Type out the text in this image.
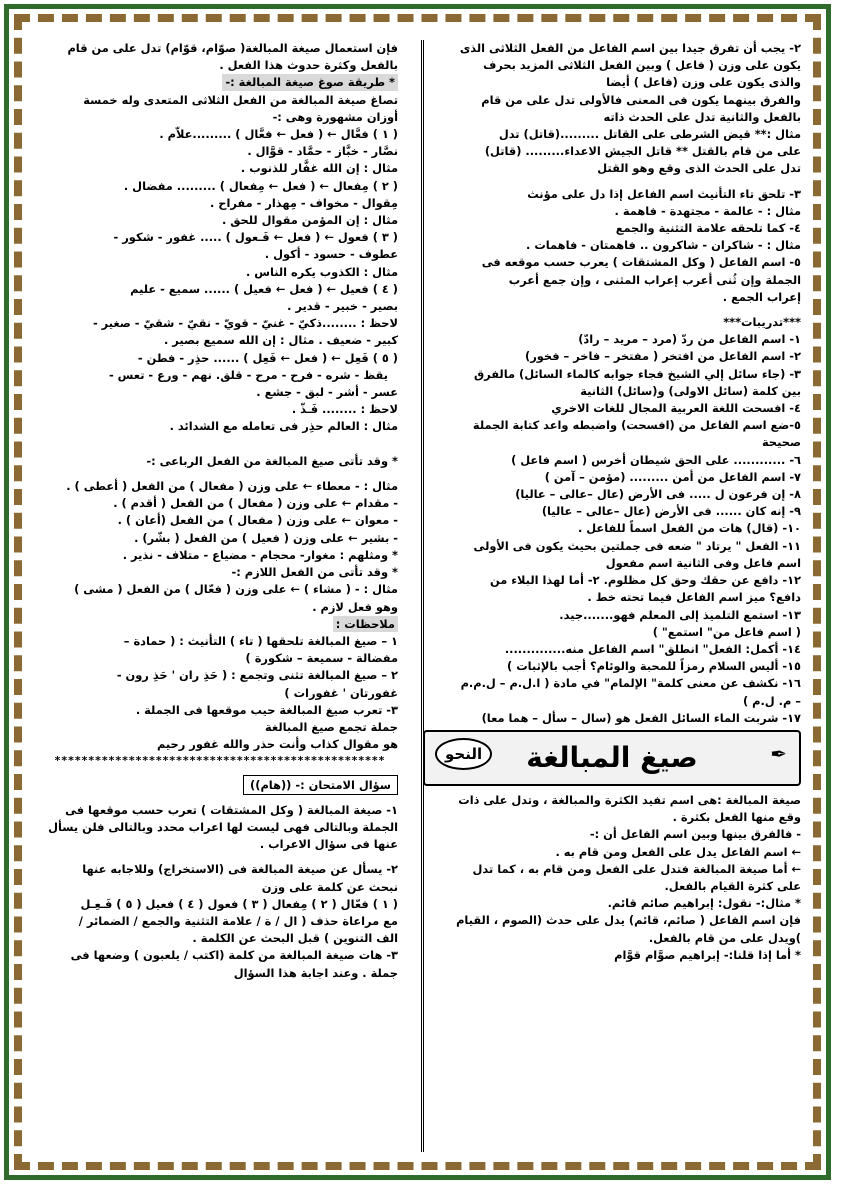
٢- يجب أن تفرق جيدا بين اسم الفاعل من الفعل الثلاثى الذى

يكون على وزن ( فاعل ) وبين الفعل الثلاثى المزيد بحرف

والذى يكون على وزن (فاعل ) أيضا

والفرق بينهما يكون فى المعنى فالأولى تدل على من قام

بالفعل والثانية تدل على الحدث ذاته

مثال :** قيض الشرطى على القاتل .........(قاتل) تدل

على من قام بالقتل ** قاتل الجيش الاعداء......... (قاتل)

تدل على الحدث الذى وقع وهو القتل

٣- تلحق تاء التأنيث اسم الفاعل إذا دل على مؤنث

مثال : - عالمة - مجتهدة - فاهمة .

٤- كما تلحقه علامة التثنية والجمع

مثال : - شاكران - شاكرون .. فاهمتان - فاهمات .

٥- اسم الفاعل ( وكل المشتقات ) يعرب حسب موقعه فى

الجملة وإن ثُنى أعرب إعراب المثنى ، وإن جمع أعرب

إعراب الجمع .

***تدريبات***

١- اسم الفاعل من ردّ (مرد – مريد – رادّ)

٢- اسم الفاعل من افتخر ( مفتخر – فاخر – فخور)

٣- (جاء سائل إلي الشيخ فجاء جوابه كالماء السائل) مالفرق

بين كلمة (سائل الاولى) و(سائل) الثانية

٤- افسحت اللغة العربية المجال للغات الاخري

٥-ضع اسم الفاعل من (افسحت) واضبطه واعد كتابة الجملة

صحيحة

٦- ............ على الحق شيطان أخرس ( اسم فاعل )

٧- اسم الفاعل من أمن ......... (مؤمن – آمن )

٨- إن فرعون ل ..... فى الأرض (عال –عالى – عاليا)

٩- إنه كان ...... فى الأرض (عال –عالى – عاليا)

١٠- (قال) هات من الفعل اسماً للفاعل .

١١- الفعل " يرتاد " ضعه فى جملتين بحيث يكون فى الأولى

اسم فاعل وفى الثانية اسم مفعول

١٢- دافع عن حقك وحق كل مظلوم. ٢- أما لهذا البلاء من

دافع؟ ميز اسم الفاعل فيما تحته خط .

١٣- استمع التلميذ إلى المعلم فهو.......جيد.

( اسم فاعل من" استمع" )

١٤- أكمل: الفعل" انطلق" اسم الفاعل منه..............

١٥- أليس السلام رمزاً للمحبة والوئام؟ أجب بالإثبات )

١٦- نكشف عن معنى كلمة" الإلمام" في مادة ( ا.ل.م – ل.م.م

– م. ل.م )

١٧- شربت الماء السائل الفعل هو (سال – سأل – هما معا)

✒
صيغ المبالغة
النحو

صيغة المبالغة :هى اسم تفيد الكثرة والمبالغة ، وتدل على ذات

وقع منها الفعل بكثرة .

- فالفرق بينها وبين اسم الفاعل أن :-

← اسم الفاعل يدل على الفعل ومن قام به .

← أما صيغة المبالغة فتدل على الفعل ومن قام به ، كما تدل

على كثرة القيام بالفعل.

* مثال:- نقول: إبراهيم صائم قائم.

فإن اسم الفاعل ( صائم، قائم) يدل على حدث (الصوم ، القيام

)ويدل على من قام بالفعل.

* أما إذا قلنا:- إبراهيم صوَّام قوَّام

فإن استعمال صيغة المبالغة( صوّام، قوّام) تدل على من قام

بالفعل وكثرة حدوث هذا الفعل .

* طريقة صوغ صيغة المبالغة :-

تصاغ صيغة المبالغة من الفعل الثلاثى المتعدى وله خمسة

أوزان مشهورة وهى :-

( ١ ) فعَّال ← ( فعل ← فعَّال ) .........علاّم .

نصَّار - خبَّاز - حمَّاد - قوَّال .

مثال : إن الله غفَّار للذنوب .

( ٢ ) مِفعال ← ( فعل ← مِفعال ) ......... مفضال .

مِقوال - مخواف - مِهذار - مفراح .

مثال : إن المؤمن مقوال للحق .

( ٣ ) فعول ← ( فعل ← فَـعول ) ..... غفور - شكور -

عطوف - حسود - أكول .

مثال : الكذوب يكره الناس .

( ٤ ) فعيل ← ( فعل ← فعيل ) ...... سميع - عليم

بصير - خبير - قدير .

لاحظ : ........ذكيّ - غنيّ - قويّ - نقيّ - شقيّ - صغير -

كبير - ضعيف . مثال : إن الله سميع بصير .

( ٥ ) فَعِل ← ( فعل ← فَعِل ) ...... حذِر - فطن -

يقظ - شره - فرح - مرح - قلق. نهم - ورع - تعس -

عسر - أشر - لبق - جشع .

لاحظ : ........ فَـذّ .

مثال : العالم حذِر فى تعامله مع الشدائد .

* وقد تأتى صيغ المبالغة من الفعل الرباعى :-

مثال : - معطاء ← على وزن ( مفعال ) من الفعل ( أعطى ) .

- مقدام ← على وزن ( مفعال ) من الفعل ( أقدم ) .

- معوان ← على وزن ( مفعال ) من الفعل (أعان ) .

- بشير ← على وزن ( فعيل ) من الفعل ( بشّر) .

* ومثلهم : مغوار- محجام - مضياع - متلاف - نذير .

* وقد تأتى من الفعل اللازم :-

مثال : - ( مشاء ) ← على وزن ( فعّال ) من الفعل ( مشى )

وهو فعل لازم .

ملاحظات :

١ – صيغ المبالغة تلحقها ( تاء ) التأنيث : ( حمادة –

مفضالة - سميعة – شكورة )

٢ – صيغ المبالغة تثنى وتجمع : ( حَذِ ران ' حَذِ رون -

غفورتان ' غفورات )

٣- تعرب صيغ المبالغة حيب موقعها فى الجملة .

جملة تجمع صيغ المبالغة

هو مقوال كذاب وأنت حذر والله غفور رحيم

*************************************************

سؤال الامتحان :- ((هام))

١- صيغة المبالغة ( وكل المشتقات ) تعرب حسب موقعها فى

الجملة وبالتالى فهى ليست لها اعراب محدد وبالتالى فلن يسأل

عنها فى سؤال الاعراب .

٢- يسأل عن صيغة المبالغة فى (الاستخراج) وللاجابه عنها

نبحث عن كلمة على وزن

( ١ ) فعّال ( ٢ ) مِفعال ( ٣ ) فعول ( ٤ ) فعيل ( ٥ ) فَـعِـل

مع مراعاة حذف ( ال / ة / علامة التثنية والجمع / الضمائر /

الف التنوين ) قبل البحث عن الكلمة .

٣- هات صيغة المبالغة من كلمة (اكتب / يلعبون ) وضعها فى

جملة . وعند اجابة هذا السؤال
